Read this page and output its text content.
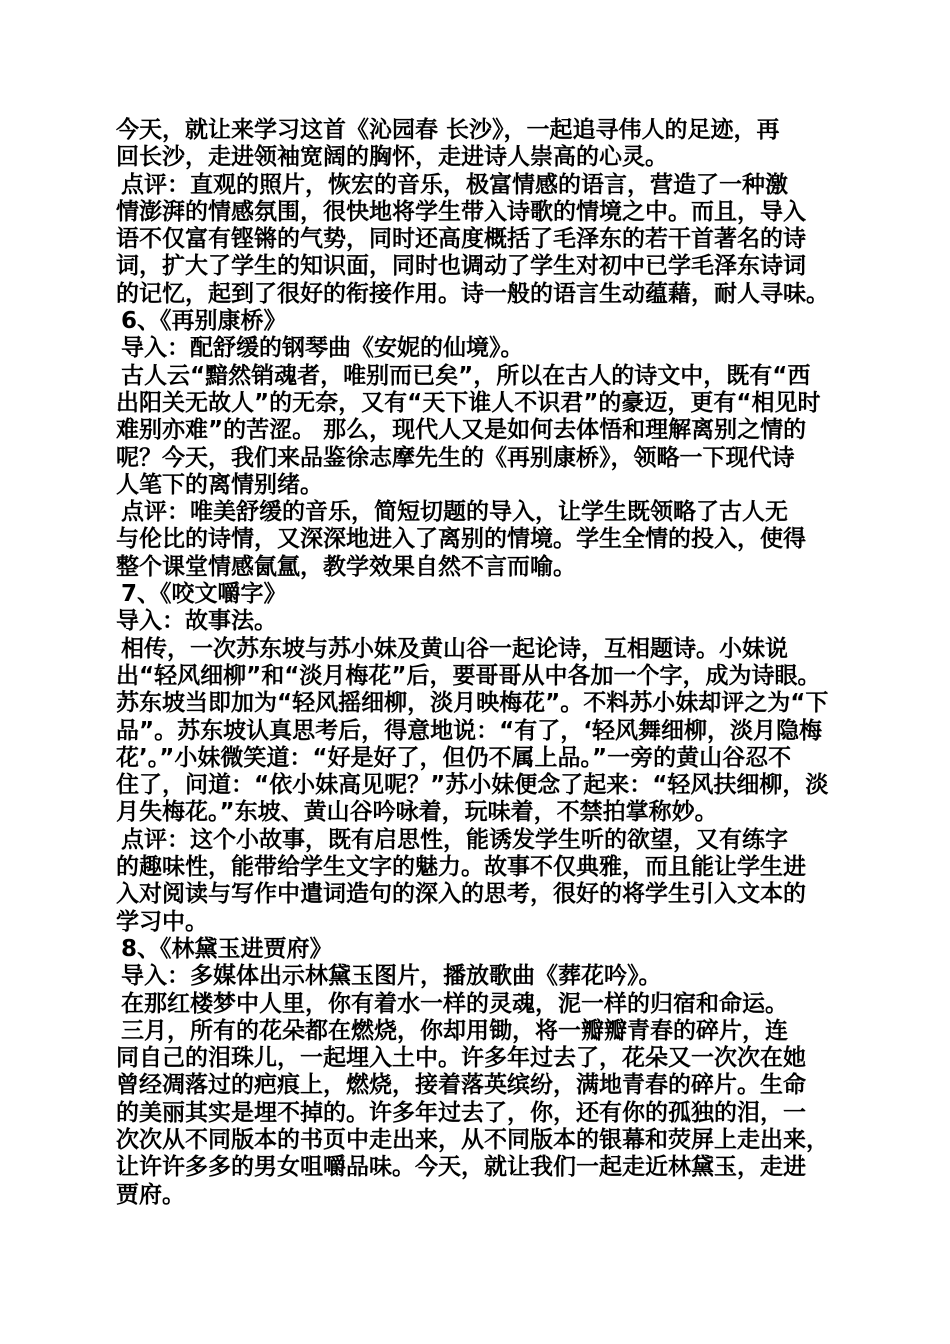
今天，就让来学习这首《沁园春 长沙》，一起追寻伟人的足迹，再
回长沙，走进领袖宽阔的胸怀，走进诗人崇高的心灵。
点评：直观的照片，恢宏的音乐，极富情感的语言，营造了一种激
情澎湃的情感氛围，很快地将学生带入诗歌的情境之中。而且，导入
语不仅富有铿锵的气势，同时还高度概括了毛泽东的若干首著名的诗
词，扩大了学生的知识面，同时也调动了学生对初中已学毛泽东诗词
的记忆，起到了很好的衔接作用。诗一般的语言生动蕴藉，耐人寻味。
6、《再别康桥》
导入：配舒缓的钢琴曲《安妮的仙境》。
古人云“黯然销魂者，唯别而已矣”，所以在古人的诗文中，既有“西
出阳关无故人”的无奈，又有“天下谁人不识君”的豪迈，更有“相见时
难别亦难”的苦涩。 那么，现代人又是如何去体悟和理解离别之情的
呢？今天，我们来品鉴徐志摩先生的《再别康桥》，领略一下现代诗
人笔下的离情别绪。
点评：唯美舒缓的音乐，简短切题的导入，让学生既领略了古人无
与伦比的诗情，又深深地进入了离别的情境。学生全情的投入，使得
整个课堂情感氤氲，教学效果自然不言而喻。
7、《咬文嚼字》
导入：故事法。
相传，一次苏东坡与苏小妹及黄山谷一起论诗，互相题诗。小妹说
出“轻风细柳”和“淡月梅花”后，要哥哥从中各加一个字，成为诗眼。
苏东坡当即加为“轻风摇细柳，淡月映梅花”。不料苏小妹却评之为“下
品”。苏东坡认真思考后，得意地说：“有了，‘轻风舞细柳，淡月隐梅
花’。”小妹微笑道：“好是好了，但仍不属上品。”一旁的黄山谷忍不
住了，问道：“依小妹高见呢？”苏小妹便念了起来：“轻风扶细柳，淡
月失梅花。”东坡、黄山谷吟咏着，玩味着，不禁拍掌称妙。
点评：这个小故事，既有启思性，能诱发学生听的欲望，又有练字
的趣味性，能带给学生文字的魅力。故事不仅典雅，而且能让学生进
入对阅读与写作中遣词造句的深入的思考，很好的将学生引入文本的
学习中。
8、《林黛玉进贾府》
导入：多媒体出示林黛玉图片，播放歌曲《葬花吟》。
在那红楼梦中人里，你有着水一样的灵魂，泥一样的归宿和命运。
三月，所有的花朵都在燃烧，你却用锄，将一瓣瓣青春的碎片，连
同自己的泪珠儿，一起埋入土中。许多年过去了，花朵又一次次在她
曾经凋落过的疤痕上，燃烧，接着落英缤纷，满地青春的碎片。生命
的美丽其实是埋不掉的。许多年过去了，你，还有你的孤独的泪，一
次次从不同版本的书页中走出来，从不同版本的银幕和荧屏上走出来，
让许许多多的男女咀嚼品味。今天，就让我们一起走近林黛玉，走进
贾府。
